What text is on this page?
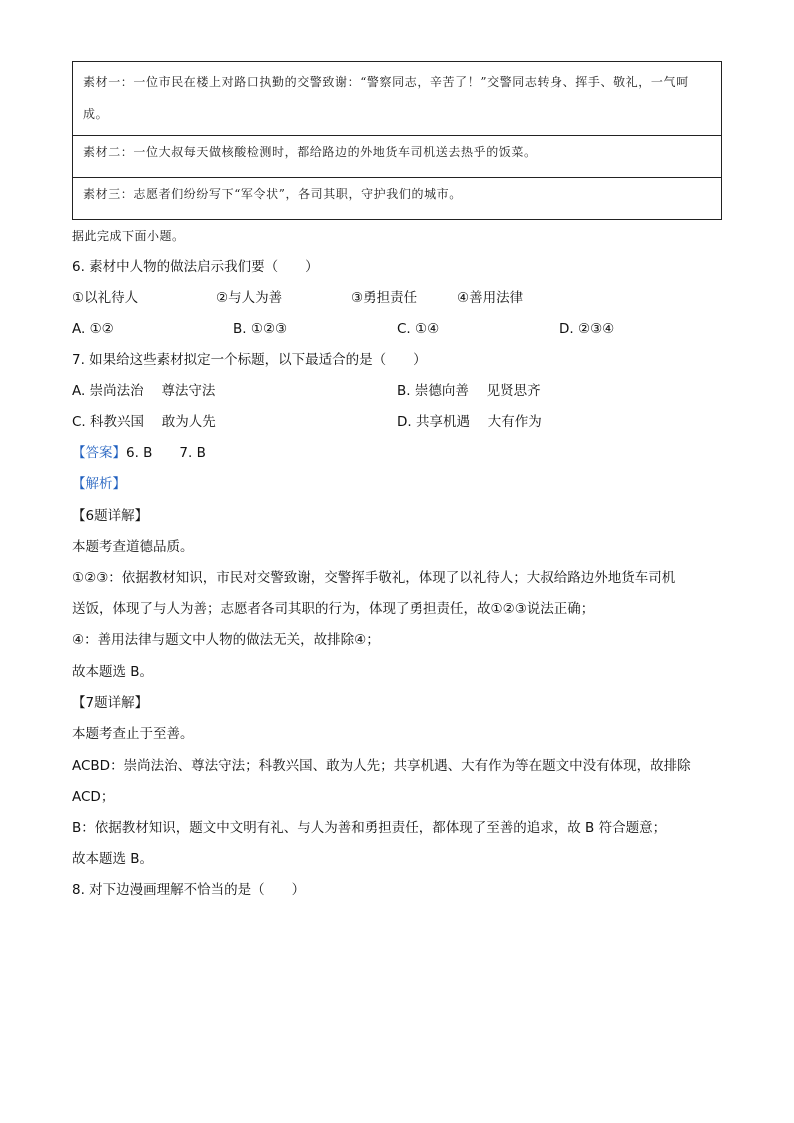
素材一：一位市民在楼上对路口执勤的交警致谢：“警察同志，辛苦了！”交警同志转身、挥手、敬礼，一气呵成。
素材二：一位大叔每天做核酸检测时，都给路边的外地货车司机送去热乎的饭菜。
素材三：志愿者们纷纷写下“军令状”，各司其职，守护我们的城市。
据此完成下面小题。
6. 素材中人物的做法启示我们要（　　）
①以礼待人	②与人为善	③勇担责任	④善用法律
A. ①②	B. ①②③	C. ①④	D. ②③④
7. 如果给这些素材拟定一个标题，以下最适合的是（　　）
A. 崇尚法治　 尊法守法	B. 崇德向善　 见贤思齐
C. 科教兴国　 敢为人先	D. 共享机遇　 大有作为
【答案】6. B　　7. B
【解析】
【6题详解】
本题考查道德品质。
①②③：依据教材知识，市民对交警致谢，交警挥手敬礼，体现了以礼待人；大叔给路边外地货车司机
送饭，体现了与人为善；志愿者各司其职的行为，体现了勇担责任，故①②③说法正确；
④：善用法律与题文中人物的做法无关，故排除④；
故本题选 B。
【7题详解】
本题考查止于至善。
ACBD：崇尚法治、尊法守法；科教兴国、敢为人先；共享机遇、大有作为等在题文中没有体现，故排除
ACD；
B：依据教材知识，题文中文明有礼、与人为善和勇担责任，都体现了至善的追求，故 B 符合题意；
故本题选 B。
8. 对下边漫画理解不恰当的是（　　）
